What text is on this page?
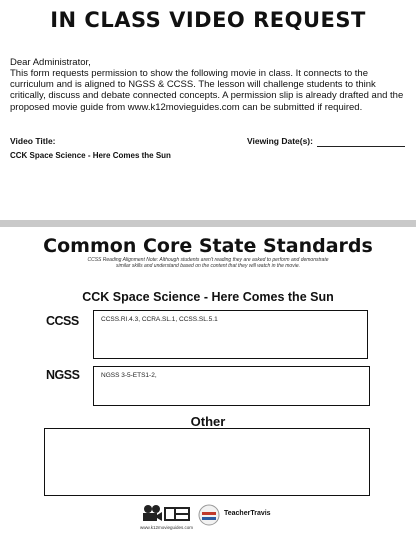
IN CLASS VIDEO REQUEST
Dear Administrator,
This form requests permission to show the following movie in class. It connects to the curriculum and is aligned to NGSS & CCSS. The lesson will challenge students to think critically, discuss and debate connected concepts. A permission slip is already drafted and the proposed movie guide from www.k12movieguides.com can be submitted if required.
Video Title:	Viewing Date(s):
CCK Space Science - Here Comes the Sun
Common Core State Standards
CCSS Reading Alignment Note: Although students aren't reading they are asked to perform and demonstrate similar skills and understand based on the content that they will watch in the movie.
CCK Space Science - Here Comes the Sun
CCSS	CCSS.RI.4.3, CCRA.SL.1, CCSS.SL.5.1
NGSS	NGSS 3-5-ETS1-2,
Other
www.k12movieguides.com
TeacherTravis
